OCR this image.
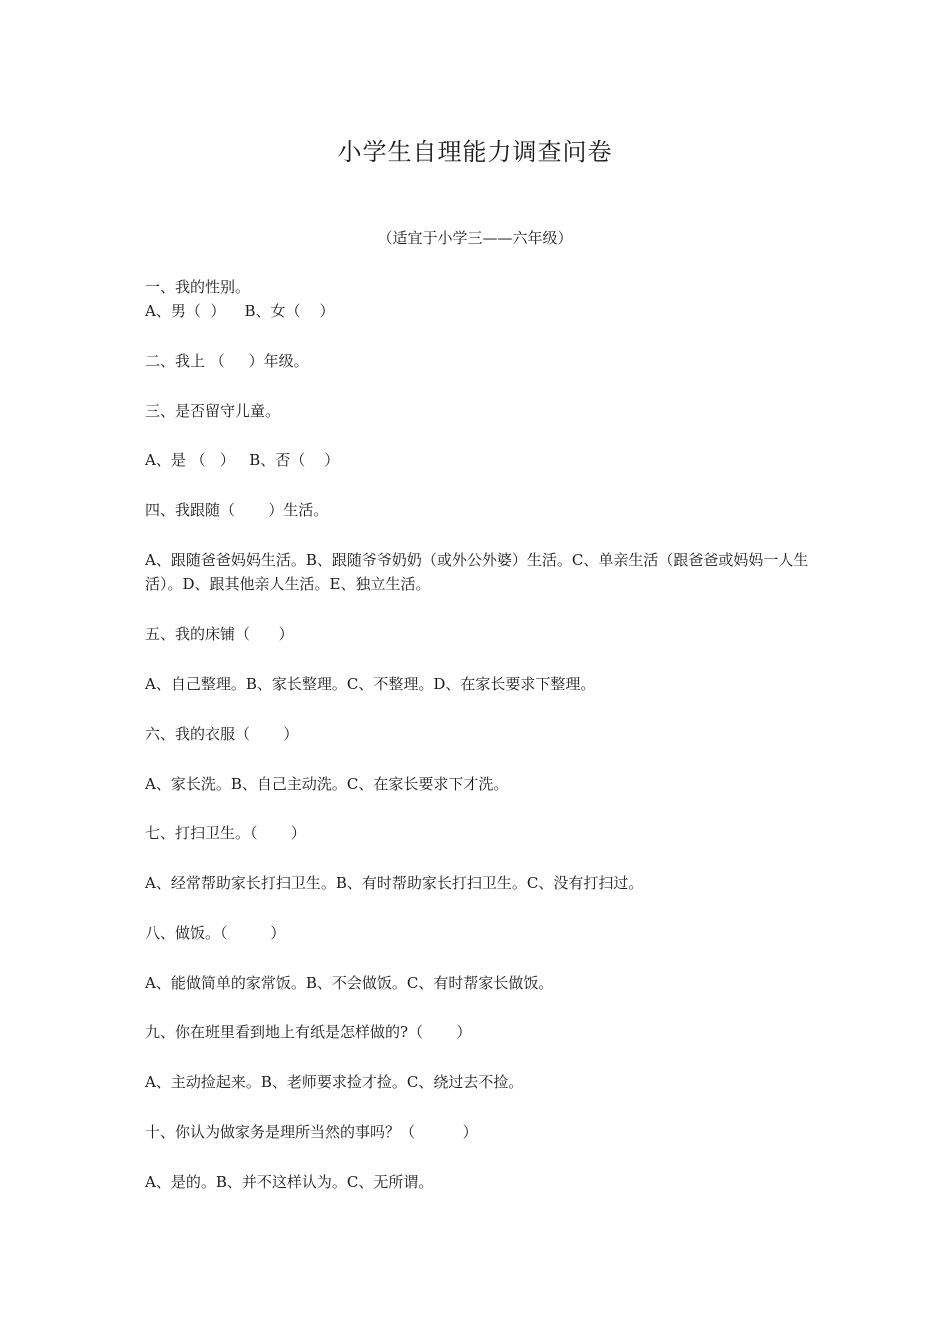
小学生自理能力调查问卷
（适宜于小学三——六年级）
一、我的性别。
A、男（  ）    B、女（    ）
二、我上 （     ）年级。
三、是否留守儿童。
A、是 （   ）   B、否（    ）
四、我跟随（       ）生活。
A、跟随爸爸妈妈生活。B、跟随爷爷奶奶（或外公外婆）生活。C、单亲生活（跟爸爸或妈妈一人生活）。D、跟其他亲人生活。E、独立生活。
五、我的床铺（      ）
A、自己整理。B、家长整理。C、不整理。D、在家长要求下整理。
六、我的衣服（       ）
A、家长洗。B、自己主动洗。C、在家长要求下才洗。
七、打扫卫生。（       ）
A、经常帮助家长打扫卫生。B、有时帮助家长打扫卫生。C、没有打扫过。
八、做饭。（         ）
A、能做简单的家常饭。B、不会做饭。C、有时帮家长做饭。
九、你在班里看到地上有纸是怎样做的?（       ）
A、主动捡起来。B、老师要求捡才捡。C、绕过去不捡。
十、你认为做家务是理所当然的事吗？（          ）
A、是的。B、并不这样认为。C、无所谓。
